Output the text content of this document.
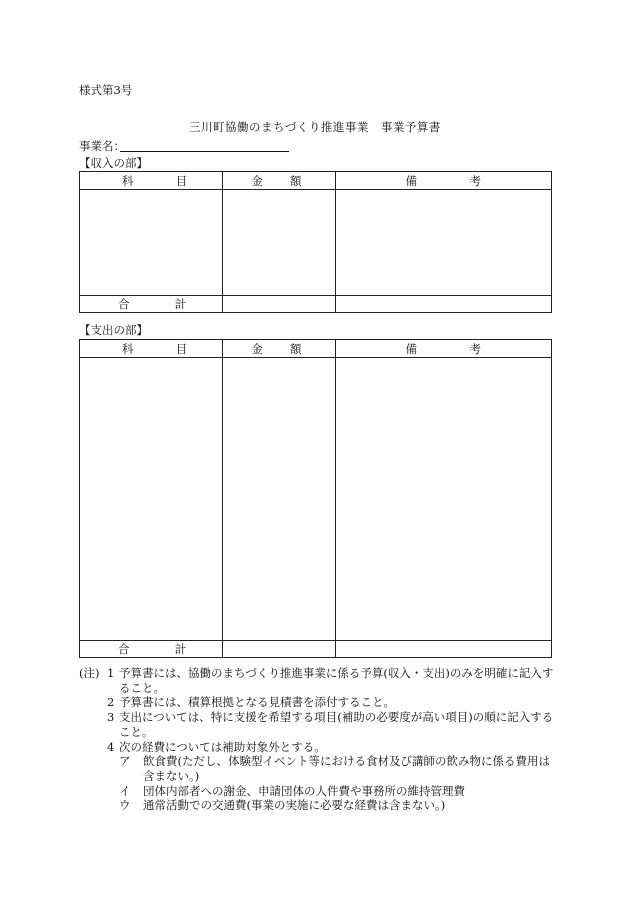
様式第3号
三川町協働のまちづくり推進事業　事業予算書
事業名：
【収入の部】
科 目	金 額	備 考

合 計		

【支出の部】
科 目	金 額	備 考

合 計		

(注) 1 予算書には、協働のまちづくり推進事業に係る予算(収入・支出)のみを明確に記入すること。
2 予算書には、積算根拠となる見積書を添付すること。
3 支出については、特に支援を希望する項目(補助の必要度が高い項目)の順に記入すること。
4 次の経費については補助対象外とする。
ア	飲食費(ただし、体験型イベント等における食材及び講師の飲み物に係る費用は含まない。)
イ	団体内部者への謝金、申請団体の人件費や事務所の維持管理費
ウ	通常活動での交通費(事業の実施に必要な経費は含まない。)
